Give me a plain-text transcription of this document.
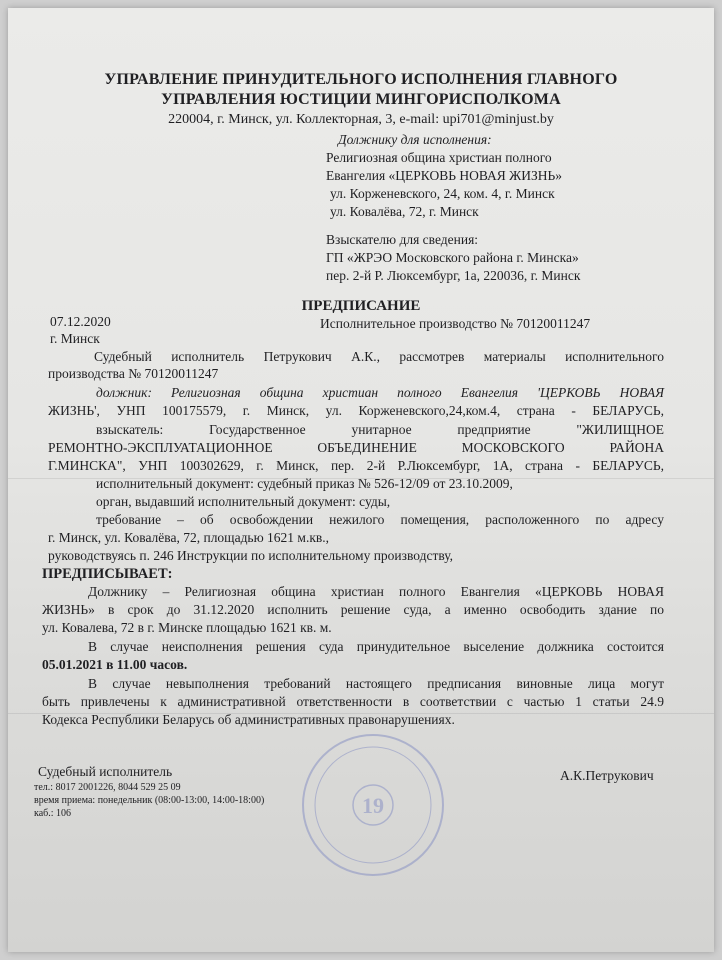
УПРАВЛЕНИЕ ПРИНУДИТЕЛЬНОГО ИСПОЛНЕНИЯ ГЛАВНОГО
УПРАВЛЕНИЯ ЮСТИЦИИ МИНГОРИСПОЛКОМА
220004, г. Минск, ул. Коллекторная, 3, e-mail: upi701@minjust.by
Должнику для исполнения:
Религиозная община христиан полного
Евангелия «ЦЕРКОВЬ НОВАЯ ЖИЗНЬ»
ул. Корженевского, 24, ком. 4, г. Минск
ул. Ковалёва, 72, г. Минск
Взыскателю для сведения:
ГП «ЖРЭО Московского района г. Минска»
пер. 2-й Р. Люксембург, 1а, 220036, г. Минск
ПРЕДПИСАНИЕ
07.12.2020
г. Минск
Исполнительное производство № 70120011247
Судебный исполнитель Петрукович А.К., рассмотрев материалы исполнительного
производства № 70120011247
должник: Религиозная община христиан полного Евангелия 'ЦЕРКОВЬ НОВАЯ
ЖИЗНЬ', УНП 100175579, г. Минск, ул. Корженевского,24,ком.4, страна - БЕЛАРУСЬ,
взыскатель: Государственное унитарное предприятие "ЖИЛИЩНОЕ
РЕМОНТНО-ЭКСПЛУАТАЦИОННОЕ ОБЪЕДИНЕНИЕ МОСКОВСКОГО РАЙОНА
Г.МИНСКА", УНП 100302629, г. Минск, пер. 2-й Р.Люксембург, 1А, страна - БЕЛАРУСЬ,
исполнительный документ: судебный приказ № 526-12/09 от 23.10.2009,
орган, выдавший исполнительный документ: суды,
требование – об освобождении нежилого помещения, расположенного по адресу
г. Минск, ул. Ковалёва, 72, площадью 1621 м.кв.,
руководствуясь п. 246 Инструкции по исполнительному производству,
ПРЕДПИСЫВАЕТ:
Должнику – Религиозная община христиан полного Евангелия «ЦЕРКОВЬ НОВАЯ
ЖИЗНЬ» в срок до 31.12.2020 исполнить решение суда, а именно освободить здание по
ул. Ковалева, 72 в г. Минске площадью 1621 кв. м.
В случае неисполнения решения суда принудительное выселение должника состоится
05.01.2021 в 11.00 часов.
В случае невыполнения требований настоящего предписания виновные лица могут
быть привлечены к административной ответственности в соответствии с частью 1 статьи 24.9
Кодекса Республики Беларусь об административных правонарушениях.
Судебный исполнитель
тел.: 8017 2001226, 8044 529 25 09
время приема: понедельник (08:00-13:00, 14:00-18:00)
каб.: 106
А.К.Петрукович
19
